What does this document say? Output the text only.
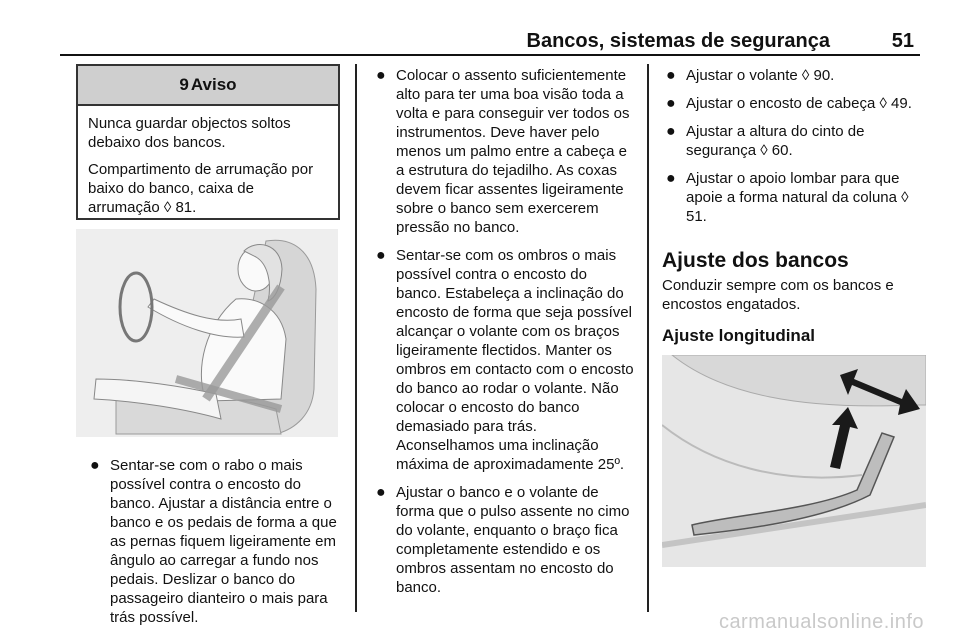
Bancos, sistemas de segurança	51
9 Aviso

Nunca guardar objectos soltos debaixo dos bancos.

Compartimento de arrumação por baixo do banco, caixa de arrumação ◊ 81.

● Sentar-se com o rabo o mais possível contra o encosto do banco. Ajustar a distância entre o banco e os pedais de forma a que as pernas fiquem ligeiramente em ângulo ao carregar a fundo nos pedais. Deslizar o banco do passageiro dianteiro o mais para trás possível.
● Colocar o assento suficientemente alto para ter uma boa visão toda a volta e para conseguir ver todos os instrumentos. Deve haver pelo menos um palmo entre a cabeça e a estrutura do tejadilho. As coxas devem ficar assentes ligeiramente sobre o banco sem exercerem pressão no banco.
● Sentar-se com os ombros o mais possível contra o encosto do banco. Estabeleça a inclinação do encosto de forma que seja possível alcançar o volante com os braços ligeiramente flectidos. Manter os ombros em contacto com o encosto do banco ao rodar o volante. Não colocar o encosto do banco demasiado para trás. Aconselhamos uma inclinação máxima de aproximadamente 25º.
● Ajustar o banco e o volante de forma que o pulso assente no cimo do volante, enquanto o braço fica completamente estendido e os ombros assentam no encosto do banco.
● Ajustar o volante ◊ 90.
● Ajustar o encosto de cabeça ◊ 49.
● Ajustar a altura do cinto de segurança ◊ 60.
● Ajustar o apoio lombar para que apoie a forma natural da coluna ◊ 51.
Ajuste dos bancos
Conduzir sempre com os bancos e encostos engatados.
Ajuste longitudinal
carmanualsonline.info
